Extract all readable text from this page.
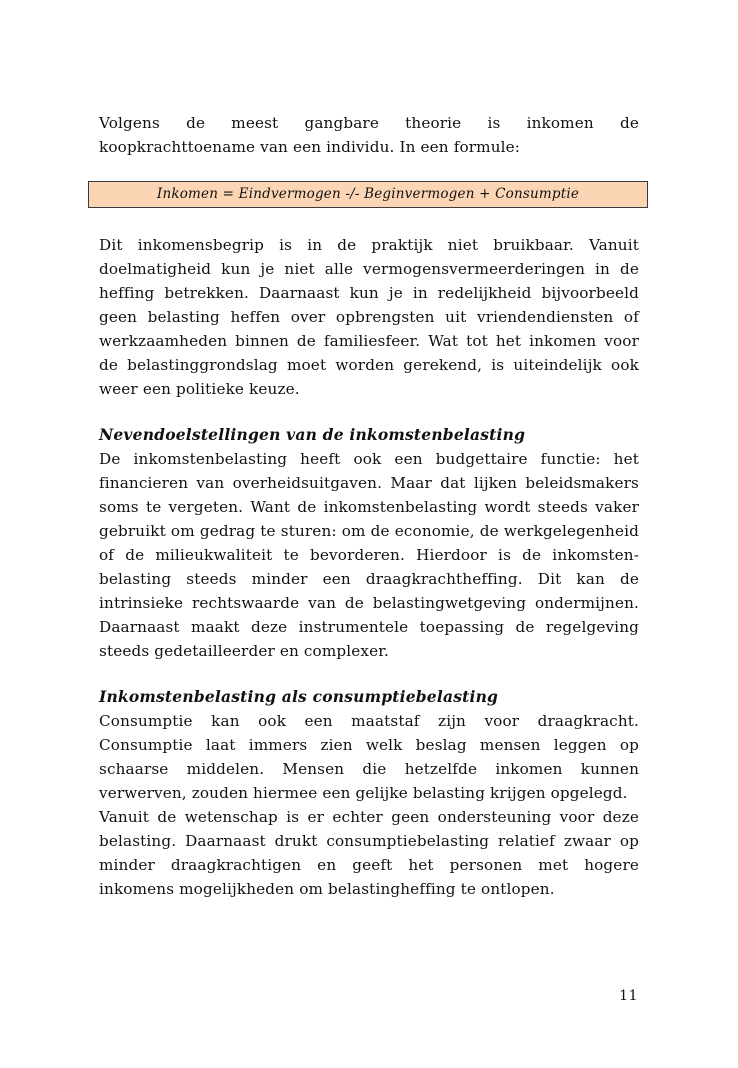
Volgens de meest gangbare theorie is inkomen de koopkrachttoename van een individu. In een formule:

Inkomen = Eindvermogen -/- Beginvermogen + Consumptie

Dit inkomensbegrip is in de praktijk niet bruikbaar. Vanuit doelmatigheid kun je niet alle vermogensvermeerderingen in de heffing betrekken. Daarnaast kun je in redelijkheid bijvoorbeeld geen belasting heffen over opbrengsten uit vriendendiensten of werkzaamheden binnen de familiesfeer. Wat tot het inkomen voor de belastinggrondslag moet worden gerekend, is uiteindelijk ook weer een politieke keuze.

Nevendoelstellingen van de inkomstenbelasting

De inkomstenbelasting heeft ook een budgettaire functie: het financieren van overheidsuitgaven. Maar dat lijken beleidsmakers soms te vergeten. Want de inkomstenbelasting wordt steeds vaker gebruikt om gedrag te sturen: om de economie, de werkgelegenheid of de milieukwaliteit te bevorderen. Hierdoor is de inkomsten-belasting steeds minder een draagkrachtheffing. Dit kan de intrinsieke rechtswaarde van de belastingwetgeving ondermijnen. Daarnaast maakt deze instrumentele toepassing de regelgeving steeds gedetailleerder en complexer.

Inkomstenbelasting als consumptiebelasting

Consumptie kan ook een maatstaf zijn voor draagkracht. Consumptie laat immers zien welk beslag mensen leggen op schaarse middelen. Mensen die hetzelfde inkomen kunnen verwerven, zouden hiermee een gelijke belasting krijgen opgelegd.

Vanuit de wetenschap is er echter geen ondersteuning voor deze belasting. Daarnaast drukt consumptiebelasting relatief zwaar op minder draagkrachtigen en geeft het personen met hogere inkomens mogelijkheden om belastingheffing te ontlopen.

11
